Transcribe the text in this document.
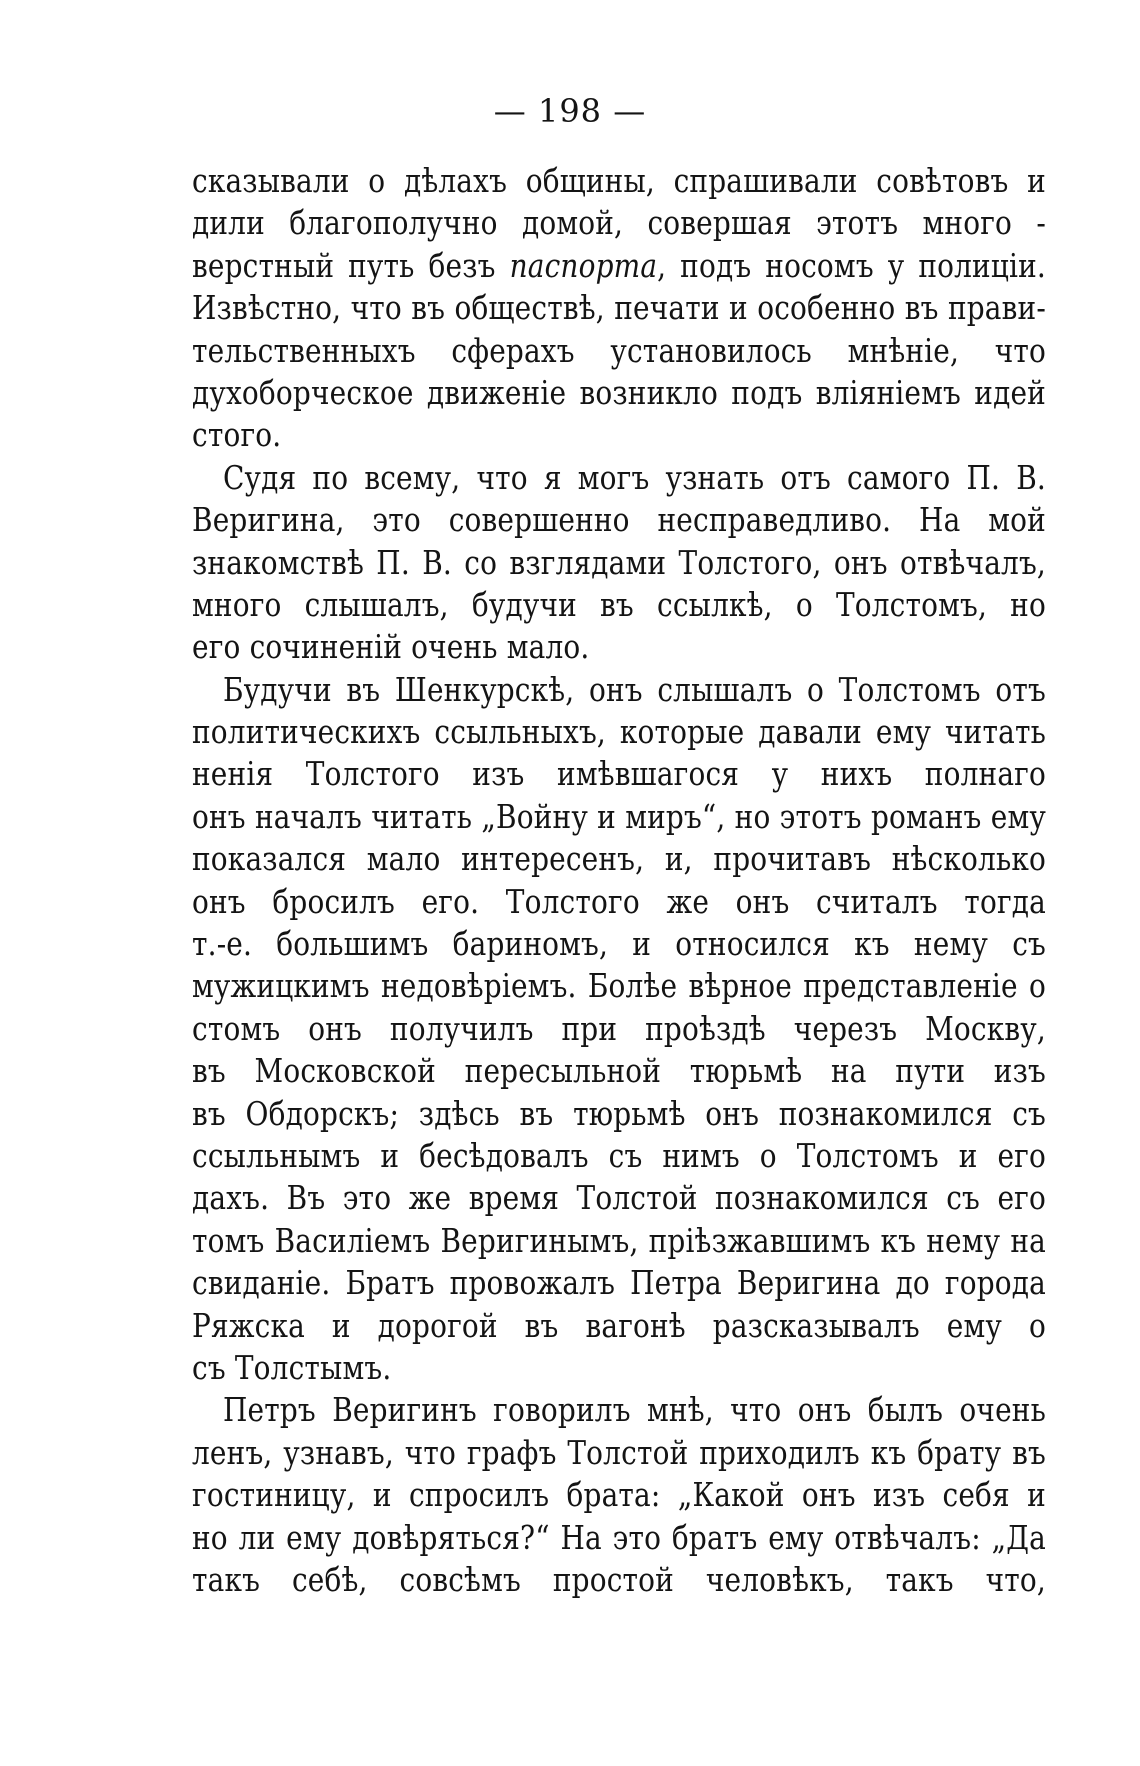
— 198 —

сказывали о дѣлахъ общины, спрашивали совѣтовъ и
дили благополучно домой, совершая этотъ много -
верстный путь безъ паспорта, подъ носомъ у полиціи.
Извѣстно, что въ обществѣ, печати и особенно въ прави-
тельственныхъ сферахъ установилось мнѣніе, что
духоборческое движеніе возникло подъ вліяніемъ идей
стого.

Судя по всему, что я могъ узнать отъ самого П. В.
Веригина, это совершенно несправедливо. На мой
знакомствѣ П. В. со взглядами Толстого, онъ отвѣчалъ,
много слышалъ, будучи въ ссылкѣ, о Толстомъ, но
его сочиненій очень мало.

Будучи въ Шенкурскѣ, онъ слышалъ о Толстомъ отъ
политическихъ ссыльныхъ, которые давали ему читать
ненія Толстого изъ имѣвшагося у нихъ полнаго
онъ началъ читать „Войну и миръ“, но этотъ романъ ему
показался мало интересенъ, и, прочитавъ нѣсколько
онъ бросилъ его. Толстого же онъ считалъ тогда
т.-е. большимъ бариномъ, и относился къ нему съ
мужицкимъ недовѣріемъ. Болѣе вѣрное представленіе о
стомъ онъ получилъ при проѣздѣ черезъ Москву,
въ Московской пересыльной тюрьмѣ на пути изъ
въ Обдорскъ; здѣсь въ тюрьмѣ онъ познакомился съ
ссыльнымъ и бесѣдовалъ съ нимъ о Толстомъ и его
дахъ. Въ это же время Толстой познакомился съ его
томъ Василіемъ Веригинымъ, пріѣзжавшимъ къ нему на
свиданіе. Братъ провожалъ Петра Веригина до города
Ряжска и дорогой въ вагонѣ разсказывалъ ему о
съ Толстымъ.

Петръ Веригинъ говорилъ мнѣ, что онъ былъ очень
ленъ, узнавъ, что графъ Толстой приходилъ къ брату въ
гостиницу, и спросилъ брата: „Какой онъ изъ себя и
но ли ему довѣряться?“ На это братъ ему отвѣчалъ: „Да
такъ себѣ, совсѣмъ простой человѣкъ, такъ что,
